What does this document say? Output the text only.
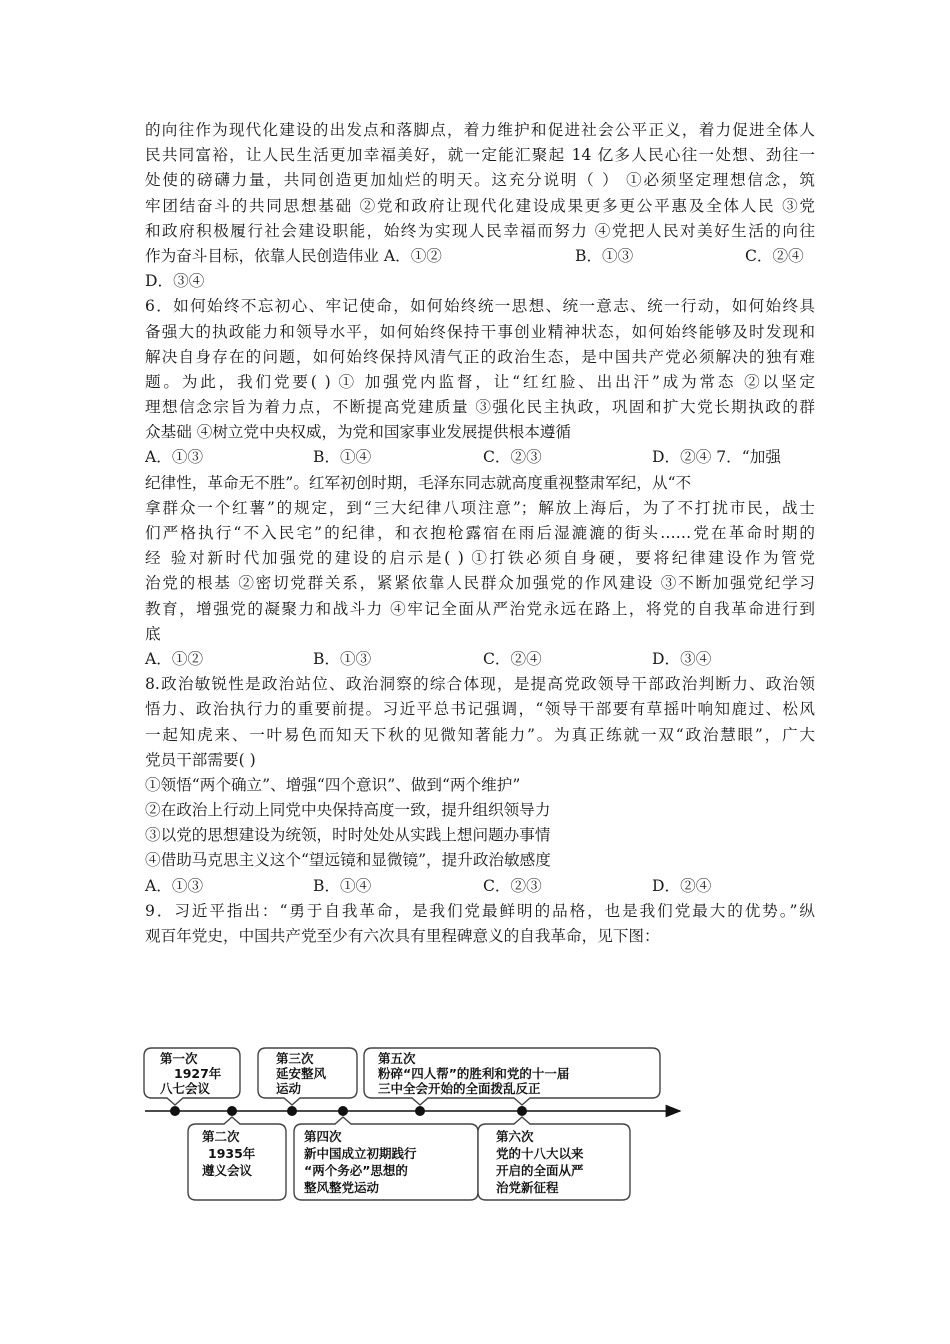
的向往作为现代化建设的出发点和落脚点，着力维护和促进社会公平正义，着力促进全体人
民共同富裕，让人民生活更加幸福美好，就一定能汇聚起 14 亿多人民心往一处想、劲往一
处使的磅礴力量，共同创造更加灿烂的明天。这充分说明（ ） ①必须坚定理想信念，筑
牢团结奋斗的共同思想基础 ②党和政府让现代化建设成果更多更公平惠及全体人民 ③党
和政府积极履行社会建设职能，始终为实现人民幸福而努力 ④党把人民对美好生活的向往
作为奋斗目标，依靠人民创造伟业 A．①②	B．①③	C．②④
D．③④
6．如何始终不忘初心、牢记使命，如何始终统一思想、统一意志、统一行动，如何始终具
备强大的执政能力和领导水平，如何始终保持干事创业精神状态，如何始终能够及时发现和
解决自身存在的问题，如何始终保持风清气正的政治生态，是中国共产党必须解决的独有难
题。为此，我们党要( ) ① 加强党内监督，让“红红脸、出出汗”成为常态 ②以坚定
理想信念宗旨为着力点，不断提高党建质量 ③强化民主执政，巩固和扩大党长期执政的群
众基础 ④树立党中央权威，为党和国家事业发展提供根本遵循
A．①③	B．①④	C．②③	D．②④ 7．“加强
纪律性，革命无不胜”。红军初创时期，毛泽东同志就高度重视整肃军纪，从“不
拿群众一个红薯”的规定，到“三大纪律八项注意”；解放上海后，为了不打扰市民，战士
们严格执行“不入民宅”的纪律，和衣抱枪露宿在雨后湿漉漉的街头……党在革命时期的
经 验对新时代加强党的建设的启示是( ) ①打铁必须自身硬，要将纪律建设作为管党
治党的根基 ②密切党群关系，紧紧依靠人民群众加强党的作风建设 ③不断加强党纪学习
教育，增强党的凝聚力和战斗力 ④牢记全面从严治党永远在路上，将党的自我革命进行到
底
A．①②	B．①③	C．②④	D．③④
8.政治敏锐性是政治站位、政治洞察的综合体现，是提高党政领导干部政治判断力、政治领
悟力、政治执行力的重要前提。习近平总书记强调，“领导干部要有草摇叶响知鹿过、松风
一起知虎来、一叶易色而知天下秋的见微知著能力”。为真正练就一双“政治慧眼”，广大
党员干部需要( )
①领悟“两个确立”、增强“四个意识”、做到“两个维护”
②在政治上行动上同党中央保持高度一致，提升组织领导力
③以党的思想建设为统领，时时处处从实践上想问题办事情
④借助马克思主义这个“望远镜和显微镜”，提升政治敏感度
A．①③	B．①④	C．②③	D．②④
9．习近平指出：“勇于自我革命，是我们党最鲜明的品格，也是我们党最大的优势。”纵
观百年党史，中国共产党至少有六次具有里程碑意义的自我革命，见下图：
第一次
1927年
八七会议
第三次
延安整风
运动
第五次
粉碎“四人帮”的胜利和党的十一届
三中全会开始的全面拨乱反正
第二次
1935年
遵义会议
第四次
新中国成立初期践行
“两个务必”思想的
整风整党运动
第六次
党的十八大以来
开启的全面从严
治党新征程
